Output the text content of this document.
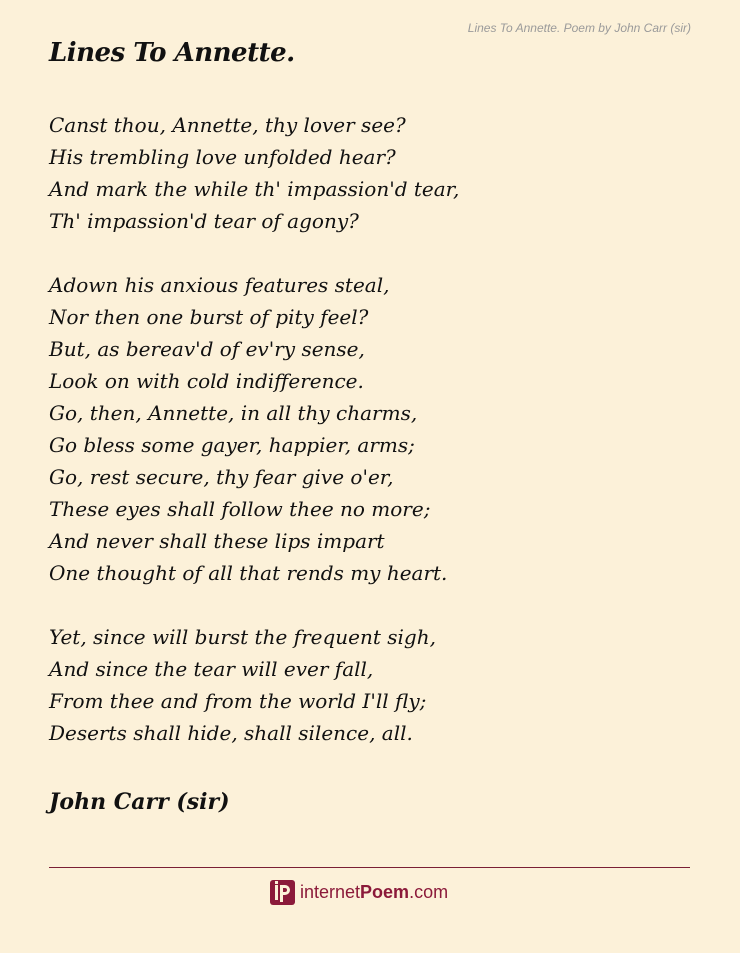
Lines To Annette. Poem by John Carr (sir)
Lines To Annette.
Canst thou, Annette, thy lover see?
His trembling love unfolded hear?
And mark the while th' impassion'd tear,
Th' impassion'd tear of agony?
Adown his anxious features steal,
Nor then one burst of pity feel?
But, as bereav'd of ev'ry sense,
Look on with cold indifference.
Go, then, Annette, in all thy charms,
Go bless some gayer, happier, arms;
Go, rest secure, thy fear give o'er,
These eyes shall follow thee no more;
And never shall these lips impart
One thought of all that rends my heart.
Yet, since will burst the frequent sigh,
And since the tear will ever fall,
From thee and from the world I'll fly;
Deserts shall hide, shall silence, all.
John Carr (sir)
internetPoem.com
